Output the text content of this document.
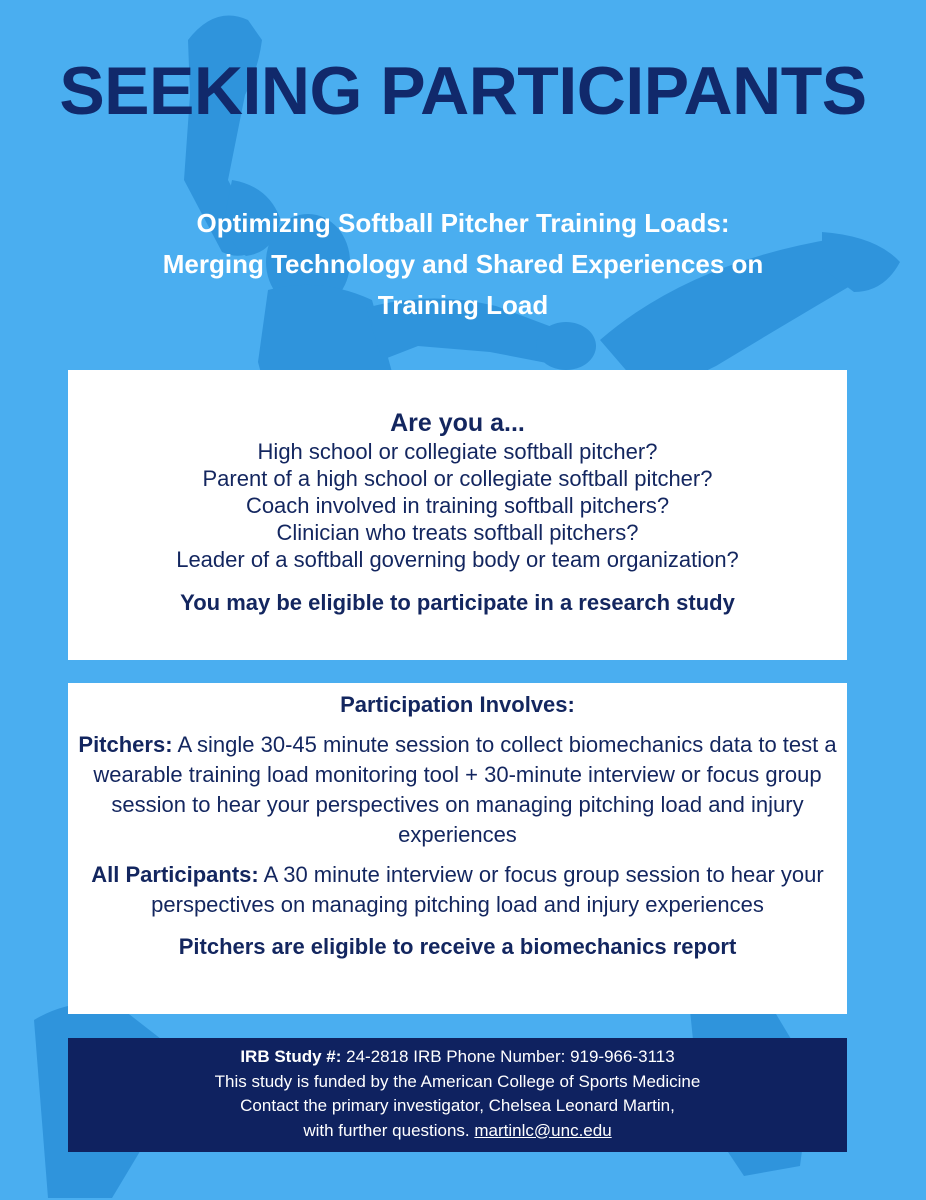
SEEKING PARTICIPANTS
Optimizing Softball Pitcher Training Loads:
Merging Technology and Shared Experiences on
Training Load
Are you a...
High school or collegiate softball pitcher?
Parent of a high school or collegiate softball pitcher?
Coach involved in training softball pitchers?
Clinician who treats softball pitchers?
Leader of a softball governing body or team organization?
You may be eligible to participate in a research study
Participation Involves:
Pitchers: A single 30-45 minute session to collect biomechanics data to test a wearable training load monitoring tool + 30-minute interview or focus group session to hear your perspectives on managing pitching load and injury experiences
All Participants: A 30 minute interview or focus group session to hear your perspectives on managing pitching load and injury experiences
Pitchers are eligible to receive a biomechanics report
IRB Study #: 24-2818 IRB Phone Number: 919-966-3113
This study is funded by the American College of Sports Medicine
Contact the primary investigator, Chelsea Leonard Martin,
with further questions. martinlc@unc.edu
